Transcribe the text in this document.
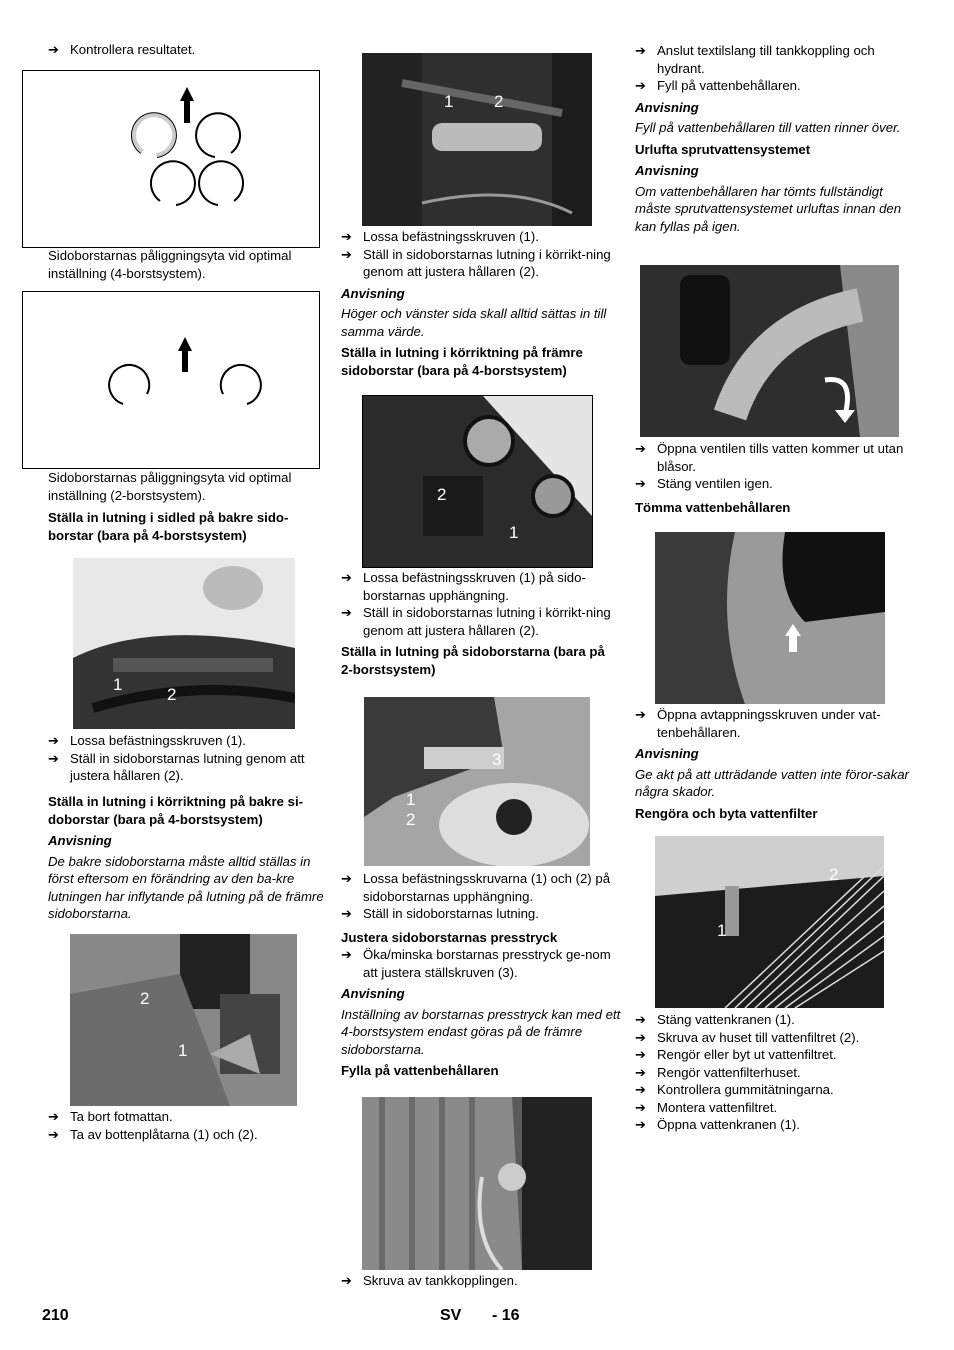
➔ Kontrollera resultatet.
Sidoborstarnas påliggningsyta vid optimal inställning (4-borstsystem).
Sidoborstarnas påliggningsyta vid optimal inställning (2-borstsystem).
Ställa in lutning i sidled på bakre sido-borstar (bara på 4-borstsystem)
1
2
➔ Lossa befästningsskruven (1).
➔ Ställ in sidoborstarnas lutning genom att justera hållaren (2).
Ställa in lutning i körriktning på bakre si-doborstar (bara på 4-borstsystem)
Anvisning
De bakre sidoborstarna måste alltid ställas in först eftersom en förändring av den ba-kre lutningen har inflytande på lutning på de främre sidoborstarna.
2
1
➔ Ta bort fotmattan.
➔ Ta av bottenplåtarna (1) och (2).
1 2
➔ Lossa befästningsskruven (1).
➔ Ställ in sidoborstarnas lutning i körrikt-ning genom att justera hållaren (2).
Anvisning
Höger och vänster sida skall alltid sättas in till samma värde.
Ställa in lutning i körriktning på främre sidoborstar (bara på 4-borstsystem)
2
1
➔ Lossa befästningsskruven (1) på sido-borstarnas upphängning.
➔ Ställ in sidoborstarnas lutning i körrikt-ning genom att justera hållaren (2).
Ställa in lutning på sidoborstarna (bara på 2-borstsystem)
3
1
2
➔ Lossa befästningsskruvarna (1) och (2) på sidoborstarnas upphängning.
➔ Ställ in sidoborstarnas lutning.
Justera sidoborstarnas presstryck
➔ Öka/minska borstarnas presstryck ge-nom att justera ställskruven (3).
Anvisning
Inställning av borstarnas presstryck kan med ett 4-borstsystem endast göras på de främre sidoborstarna.
Fylla på vattenbehållaren
➔ Skruva av tankkopplingen.
➔ Anslut textilslang till tankkoppling och hydrant.
➔ Fyll på vattenbehållaren.
Anvisning
Fyll på vattenbehållaren till vatten rinner över.
Urlufta sprutvattensystemet
Anvisning
Om vattenbehållaren har tömts fullständigt måste sprutvattensystemet urluftas innan den kan fyllas på igen.
➔ Öppna ventilen tills vatten kommer ut utan blåsor.
➔ Stäng ventilen igen.
Tömma vattenbehållaren
➔ Öppna avtappningsskruven under vat-tenbehållaren.
Anvisning
Ge akt på att utträdande vatten inte föror-sakar några skador.
Rengöra och byta vattenfilter
2
1
➔ Stäng vattenkranen (1).
➔ Skruva av huset till vattenfiltret (2).
➔ Rengör eller byt ut vattenfiltret.
➔ Rengör vattenfilterhuset.
➔ Kontrollera gummitätningarna.
➔ Montera vattenfiltret.
➔ Öppna vattenkranen (1).
210	SV - 16
